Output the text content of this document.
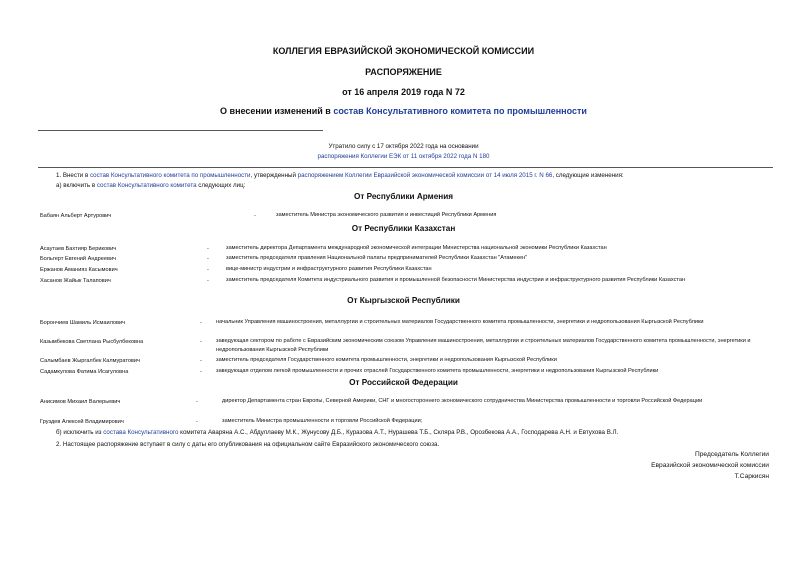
КОЛЛЕГИЯ ЕВРАЗИЙСКОЙ ЭКОНОМИЧЕСКОЙ КОМИССИИ
РАСПОРЯЖЕНИЕ
от 16 апреля 2019 года N 72
О внесении изменений в состав Консультативного комитета по промышленности
Утратило силу с 17 октября 2022 года на основании
распоряжения Коллегии ЕЭК от 11 октября 2022 года N 180
1. Внести в состав Консультативного комитета по промышленности, утвержденный распоряжением Коллегии Евразийской экономической комиссии от 14 июля 2015 г. N 66, следующие изменения:
а) включить в состав Консультативного комитета следующих лиц:
От Республики Армения
Бабаян Альберт Артурович	-	заместитель Министра экономического развития и инвестиций Республики Армения
От Республики Казахстан
Асаутаев Бахтияр Берикович	-	заместитель директора Департамента международной экономической интеграции Министерства национальной экономики Республики Казахстан
Больгерт Евгений Андреевич	-	заместитель председателя правления Национальной палаты предпринимателей Республики Казахстан "Атамекен"
Ержанов Аманияз Касымович	-	вице-министр индустрии и инфраструктурного развития Республики Казахстан
Хасанов Жайык Талапович	-	заместитель председателя Комитета индустриального развития и промышленной безопасности Министерства индустрии и инфраструктурного развития Республики Казахстан
От Кыргызской Республики
Борончиев Шамиль Исмаилович	-	начальник Управления машиностроения, металлургии и строительных материалов Государственного комитета промышленности, энергетики и недропользования Кыргызской Республики
Казымбекова Светлана Рысбулбековна	-	заведующая сектором по работе с Евразийским экономическим союзом Управления машиностроения, металлургии и строительных материалов Государственного комитета промышленности, энергетики и недропользования Кыргызской Республики
Салымбаев Жыргалбек Калмуратович	-	заместитель председателя Государственного комитета промышленности, энергетики и недропользования Кыргызской Республики
Садамкулова Фатима Исагуловна	-	заведующая отделом легкой промышленности и прочих отраслей Государственного комитета промышленности, энергетики и недропользования Кыргызской Республики
От Российской Федерации
Анисимов Михаил Валерьевич	-	директор Департамента стран Европы, Северной Америки, СНГ и многостороннего экономического сотрудничества Министерства промышленности и торговли Российской Федерации
Груздев Алексей Владимирович	-	заместитель Министра промышленности и торговли Российской Федерации;
б) исключить из состава Консультативного комитета Аваряна А.С., Абдуллаеву М.К., Жунусову Д.Б., Куразова А.Т., Нурашева Т.Б., Скляра Р.В., Орозбекова А.А., Господарева А.Н. и Евтухова В.Л.
2. Настоящее распоряжение вступает в силу с даты его опубликования на официальном сайте Евразийского экономического союза.
Председатель Коллегии
Евразийской экономической комиссии
Т.Саркисян
